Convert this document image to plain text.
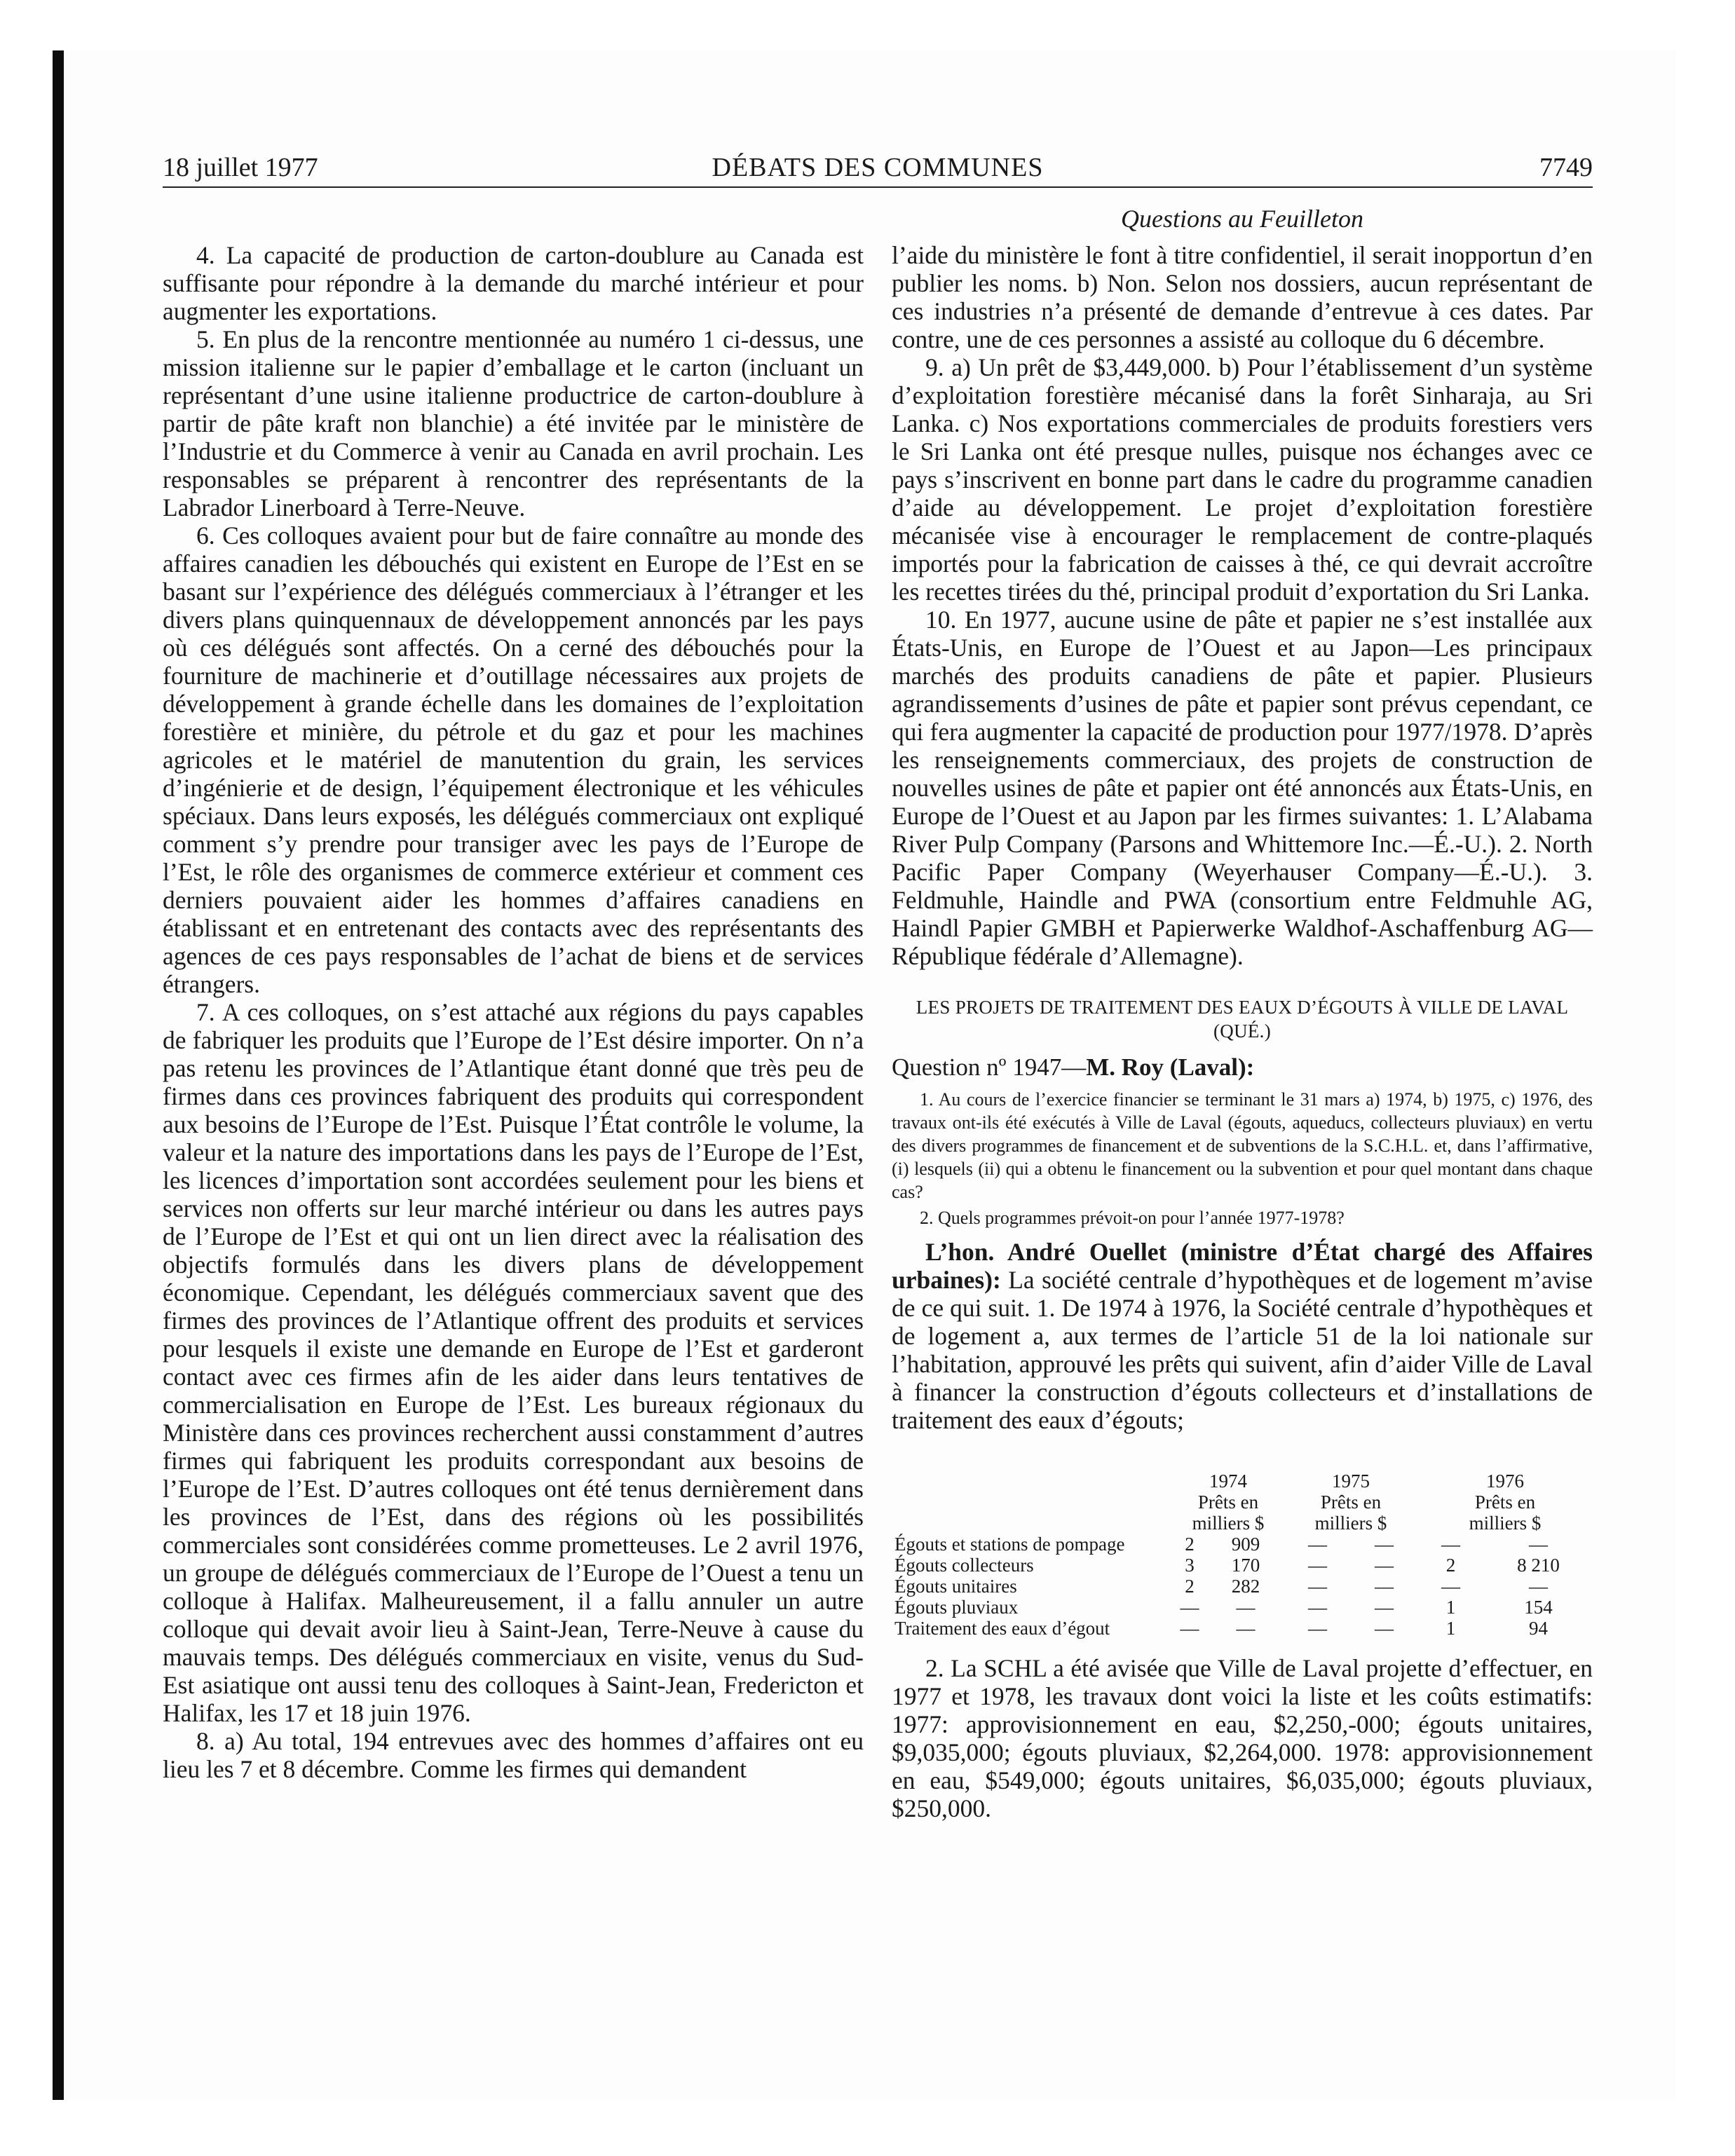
18 juillet 1977	DÉBATS DES COMMUNES	7749
Questions au Feuilleton

4. La capacité de production de carton-doublure au Canada est suffisante pour répondre à la demande du marché intérieur et pour augmenter les exportations.

5. En plus de la rencontre mentionnée au numéro 1 ci-dessus, une mission italienne sur le papier d’emballage et le carton (incluant un représentant d’une usine italienne productrice de carton-doublure à partir de pâte kraft non blanchie) a été invitée par le ministère de l’Industrie et du Commerce à venir au Canada en avril prochain. Les responsables se préparent à rencontrer des représentants de la Labrador Linerboard à Terre-Neuve.

6. Ces colloques avaient pour but de faire connaître au monde des affaires canadien les débouchés qui existent en Europe de l’Est en se basant sur l’expérience des délégués commerciaux à l’étranger et les divers plans quinquennaux de développement annoncés par les pays où ces délégués sont affectés. On a cerné des débouchés pour la fourniture de machinerie et d’outillage nécessaires aux projets de développement à grande échelle dans les domaines de l’exploitation forestière et minière, du pétrole et du gaz et pour les machines agricoles et le matériel de manutention du grain, les services d’ingénierie et de design, l’équipement électronique et les véhicules spéciaux. Dans leurs exposés, les délégués commerciaux ont expliqué comment s’y prendre pour transiger avec les pays de l’Europe de l’Est, le rôle des organismes de commerce extérieur et comment ces derniers pouvaient aider les hommes d’affaires canadiens en établissant et en entretenant des contacts avec des représentants des agences de ces pays responsables de l’achat de biens et de services étrangers.

7. A ces colloques, on s’est attaché aux régions du pays capables de fabriquer les produits que l’Europe de l’Est désire importer. On n’a pas retenu les provinces de l’Atlantique étant donné que très peu de firmes dans ces provinces fabriquent des produits qui correspondent aux besoins de l’Europe de l’Est. Puisque l’État contrôle le volume, la valeur et la nature des importations dans les pays de l’Europe de l’Est, les licences d’importation sont accordées seulement pour les biens et services non offerts sur leur marché intérieur ou dans les autres pays de l’Europe de l’Est et qui ont un lien direct avec la réalisation des objectifs formulés dans les divers plans de développement économique. Cependant, les délégués commerciaux savent que des firmes des provinces de l’Atlantique offrent des produits et services pour lesquels il existe une demande en Europe de l’Est et garderont contact avec ces firmes afin de les aider dans leurs tentatives de commercialisation en Europe de l’Est. Les bureaux régionaux du Ministère dans ces provinces recherchent aussi constamment d’autres firmes qui fabriquent les produits correspondant aux besoins de l’Europe de l’Est. D’autres colloques ont été tenus dernièrement dans les provinces de l’Est, dans des régions où les possibilités commerciales sont considérées comme prometteuses. Le 2 avril 1976, un groupe de délégués commerciaux de l’Europe de l’Ouest a tenu un colloque à Halifax. Malheureusement, il a fallu annuler un autre colloque qui devait avoir lieu à Saint-Jean, Terre-Neuve à cause du mauvais temps. Des délégués commerciaux en visite, venus du Sud-Est asiatique ont aussi tenu des colloques à Saint-Jean, Fredericton et Halifax, les 17 et 18 juin 1976.

8. a) Au total, 194 entrevues avec des hommes d’affaires ont eu lieu les 7 et 8 décembre. Comme les firmes qui demandent

l’aide du ministère le font à titre confidentiel, il serait inopportun d’en publier les noms. b) Non. Selon nos dossiers, aucun représentant de ces industries n’a présenté de demande d’entrevue à ces dates. Par contre, une de ces personnes a assisté au colloque du 6 décembre.

9. a) Un prêt de $3,449,000. b) Pour l’établissement d’un système d’exploitation forestière mécanisé dans la forêt Sinharaja, au Sri Lanka. c) Nos exportations commerciales de produits forestiers vers le Sri Lanka ont été presque nulles, puisque nos échanges avec ce pays s’inscrivent en bonne part dans le cadre du programme canadien d’aide au développement. Le projet d’exploitation forestière mécanisée vise à encourager le remplacement de contre-plaqués importés pour la fabrication de caisses à thé, ce qui devrait accroître les recettes tirées du thé, principal produit d’exportation du Sri Lanka.

10. En 1977, aucune usine de pâte et papier ne s’est installée aux États-Unis, en Europe de l’Ouest et au Japon—Les principaux marchés des produits canadiens de pâte et papier. Plusieurs agrandissements d’usines de pâte et papier sont prévus cependant, ce qui fera augmenter la capacité de production pour 1977/1978. D’après les renseignements commerciaux, des projets de construction de nouvelles usines de pâte et papier ont été annoncés aux États-Unis, en Europe de l’Ouest et au Japon par les firmes suivantes: 1. L’Alabama River Pulp Company (Parsons and Whittemore Inc.—É.-U.). 2. North Pacific Paper Company (Weyerhauser Company—É.-U.). 3. Feldmuhle, Haindle and PWA (consortium entre Feldmuhle AG, Haindl Papier GMBH et Papierwerke Waldhof-Aschaffenburg AG—République fédérale d’Allemagne).

LES PROJETS DE TRAITEMENT DES EAUX D’ÉGOUTS À VILLE DE LAVAL (QUÉ.)
Question nº 1947—M. Roy (Laval):
1. Au cours de l’exercice financier se terminant le 31 mars a) 1974, b) 1975, c) 1976, des travaux ont-ils été exécutés à Ville de Laval (égouts, aqueducs, collecteurs pluviaux) en vertu des divers programmes de financement et de subventions de la S.C.H.L. et, dans l’affirmative, (i) lesquels (ii) qui a obtenu le financement ou la subvention et pour quel montant dans chaque cas?
2. Quels programmes prévoit-on pour l’année 1977-1978?

L’hon. André Ouellet (ministre d’État chargé des Affaires urbaines): La société centrale d’hypothèques et de logement m’avise de ce qui suit. 1. De 1974 à 1976, la Société centrale d’hypothèques et de logement a, aux termes de l’article 51 de la loi nationale sur l’habitation, approuvé les prêts qui suivent, afin d’aider Ville de Laval à financer la construction d’égouts collecteurs et d’installations de traitement des eaux d’égouts;

	1974		1975		1976	
	Prêts en		Prêts en		Prêts en	
	milliers $		milliers $		milliers $	
Égouts et stations de pompage	2	909	—	—	—	—
Égouts collecteurs	3	170	—	—	2	8 210
Égouts unitaires	2	282	—	—	—	—
Égouts pluviaux	—	—	—	—	1	154
Traitement des eaux d’égout	—	—	—	—	1	94

2. La SCHL a été avisée que Ville de Laval projette d’effectuer, en 1977 et 1978, les travaux dont voici la liste et les coûts estimatifs: 1977: approvisionnement en eau, $2,250,-000; égouts unitaires, $9,035,000; égouts pluviaux, $2,264,000. 1978: approvisionnement en eau, $549,000; égouts unitaires, $6,035,000; égouts pluviaux, $250,000.
